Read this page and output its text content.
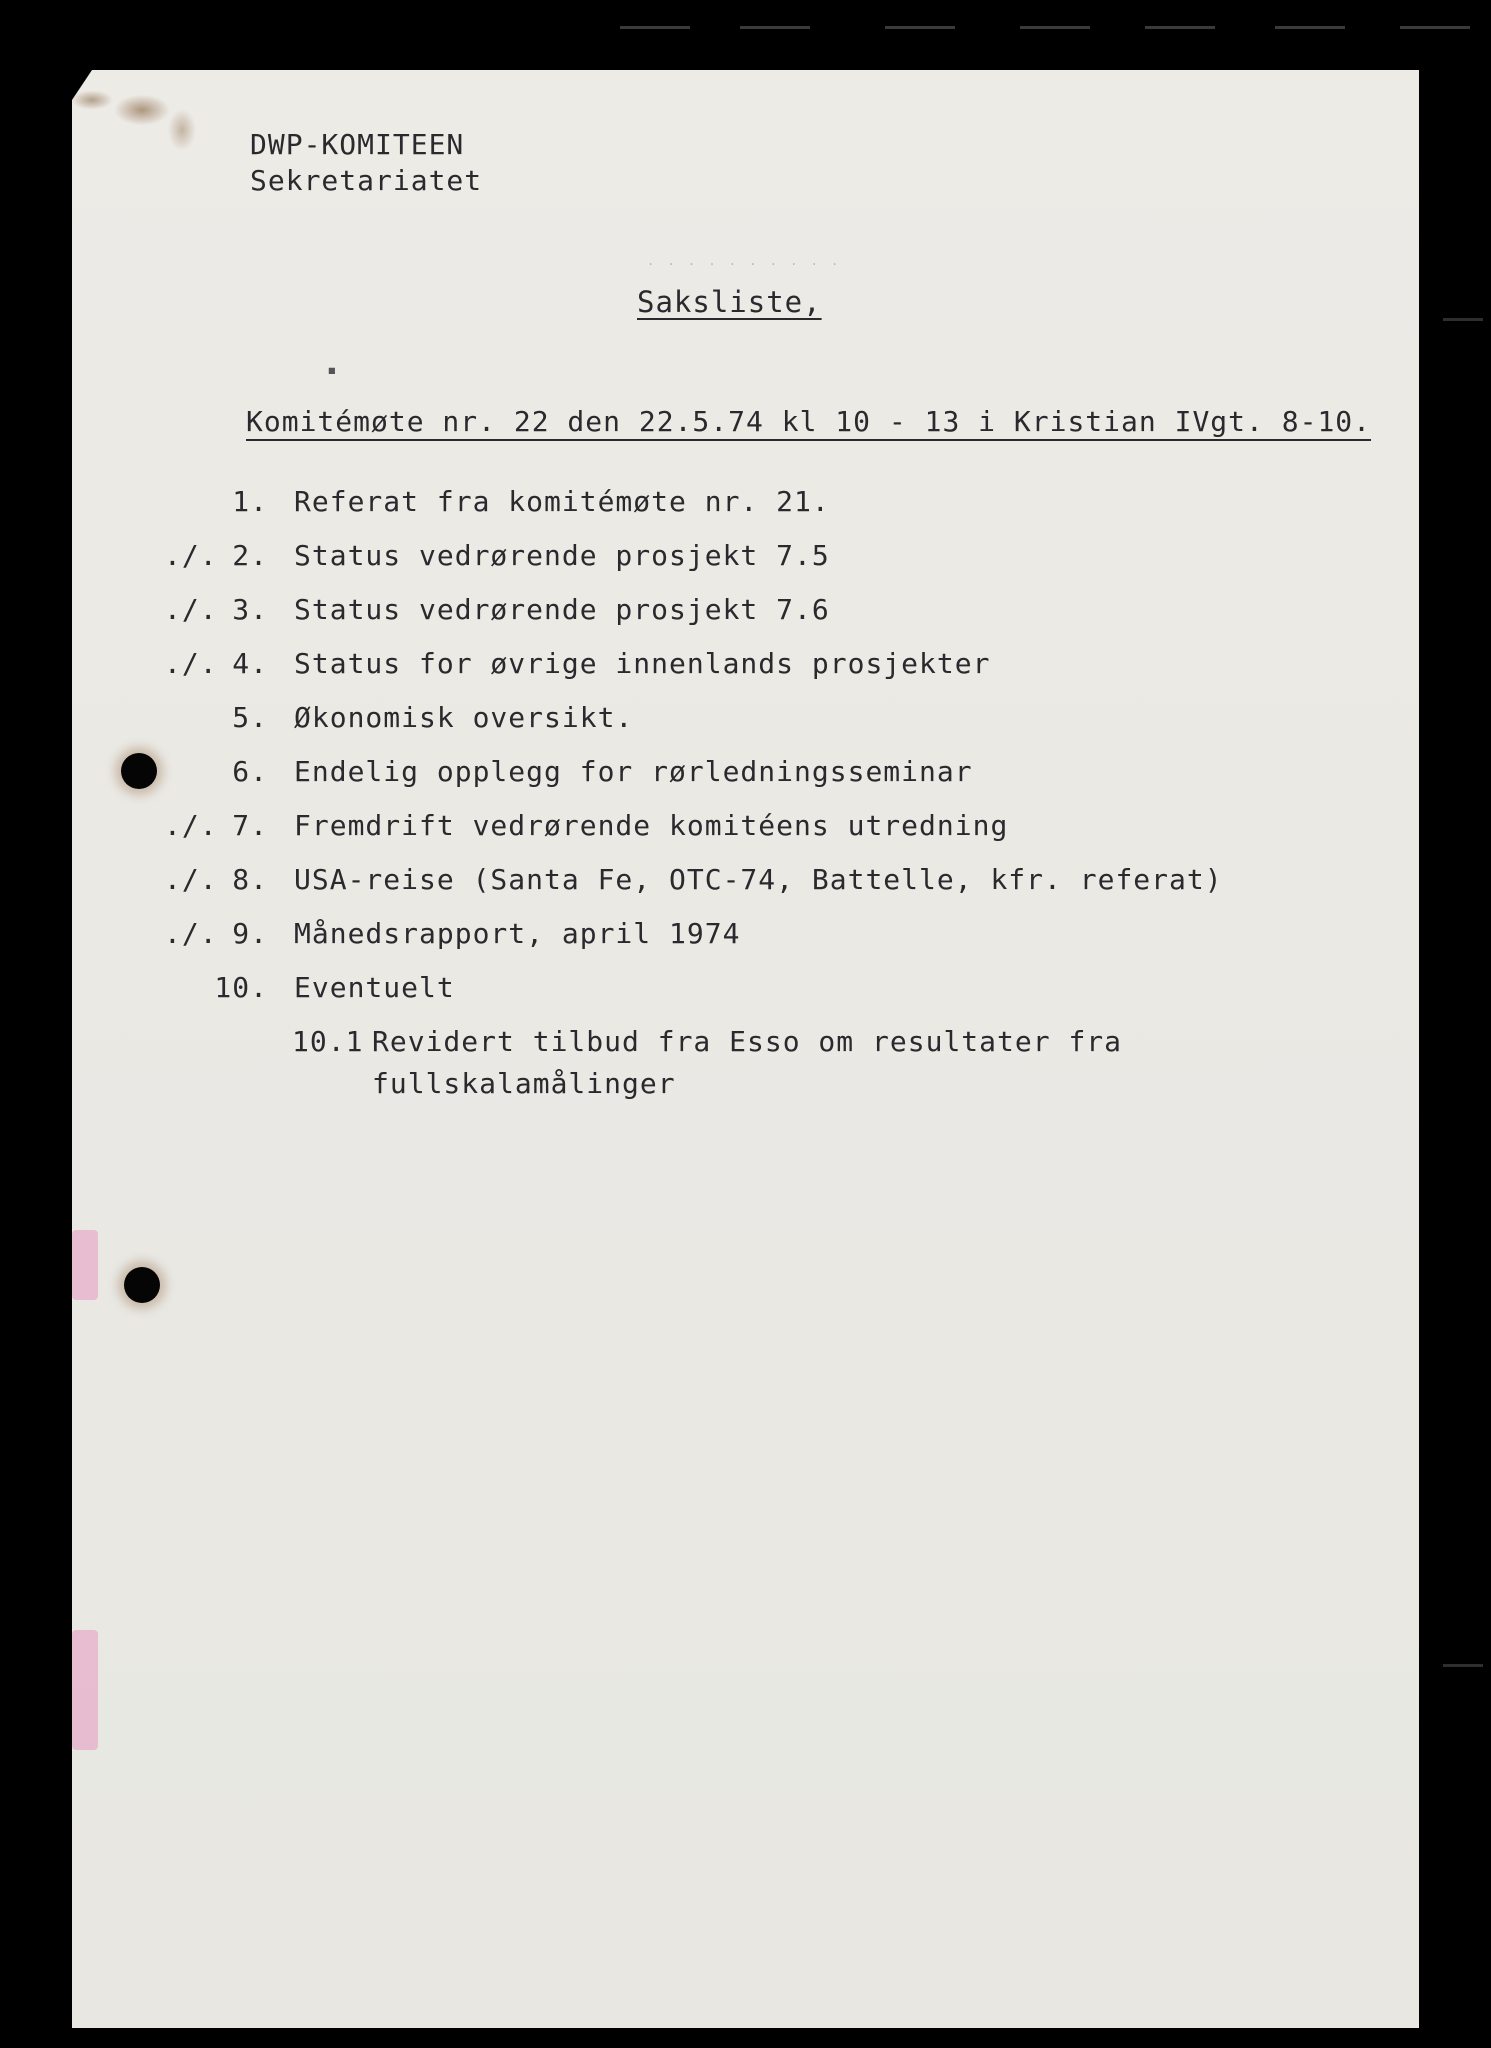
DWP-KOMITEEN
Sekretariatet
. . . . . . . . . .
Saksliste,
Komitémøte nr. 22 den 22.5.74 kl 10 - 13 i Kristian IVgt. 8-10.
1. Referat fra komitémøte nr. 21.
./. 2. Status vedrørende prosjekt 7.5
./. 3. Status vedrørende prosjekt 7.6
./. 4. Status for øvrige innenlands prosjekter
5. Økonomisk oversikt.
6. Endelig opplegg for rørledningsseminar
./. 7. Fremdrift vedrørende komitéens utredning
./. 8. USA-reise (Santa Fe, OTC-74, Battelle, kfr. referat)
./. 9. Månedsrapport, april 1974
10. Eventuelt
10.1 Revidert tilbud fra Esso om resultater fra
fullskalamålinger
▪
